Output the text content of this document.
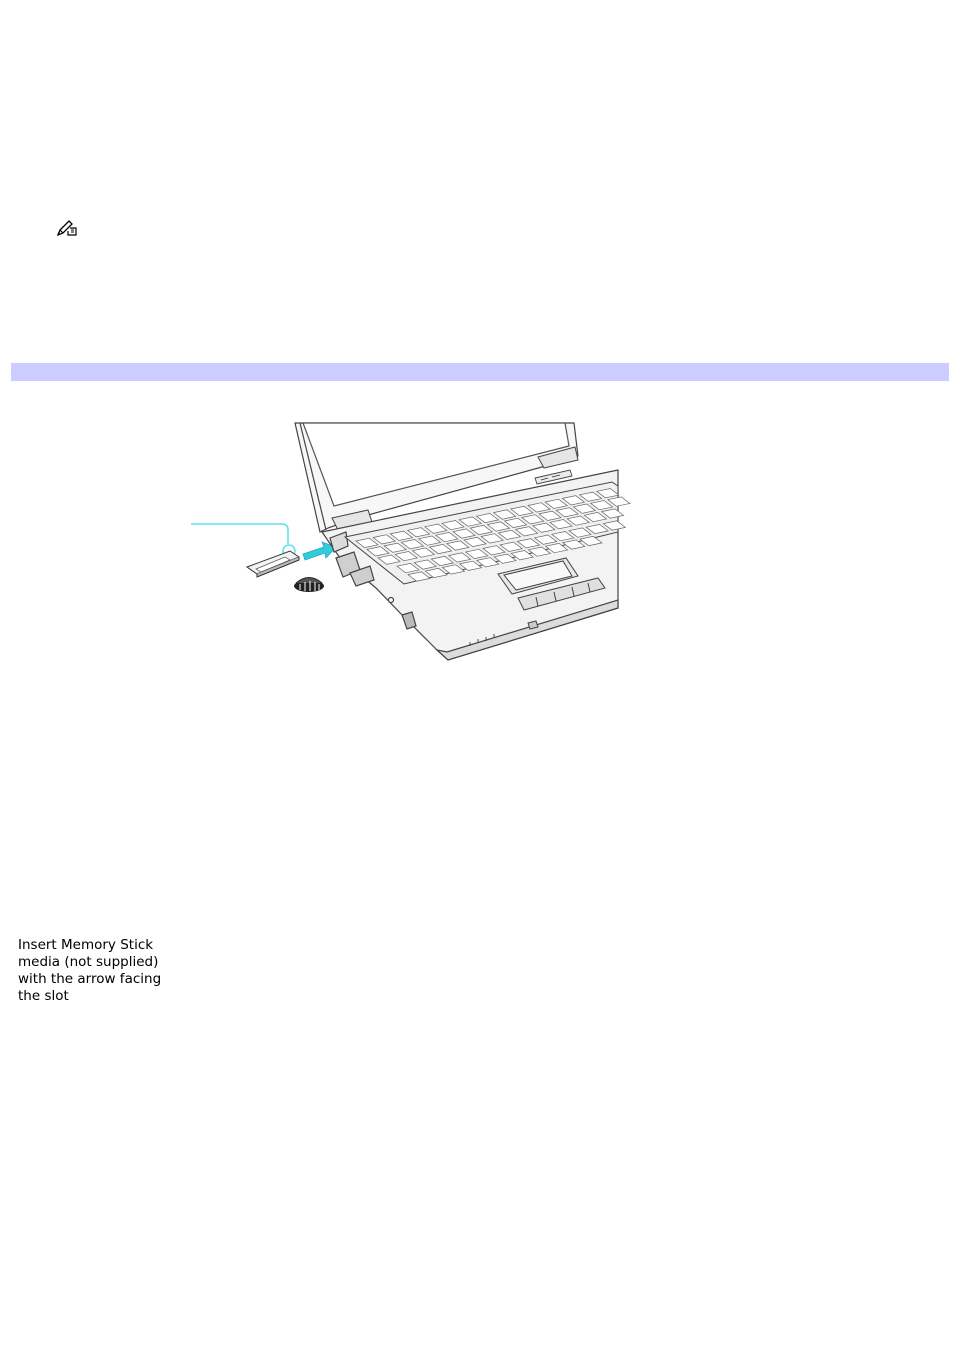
Insert Memory Stick
media (not supplied)
with the arrow facing
the slot
